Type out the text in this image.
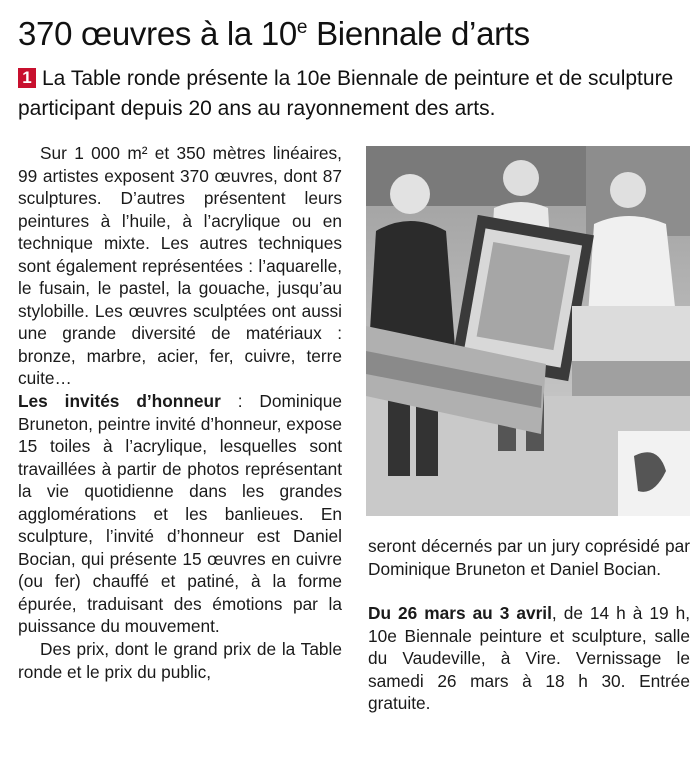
370 œuvres à la 10e Biennale d’arts
1 La Table ronde présente la 10e Biennale de peinture et de sculpture participant depuis 20 ans au rayonnement des arts.

Sur 1 000 m² et 350 mètres linéaires, 99 artistes exposent 370 œuvres, dont 87 sculptures. D’autres présentent leurs peintures à l’huile, à l’acrylique ou en technique mixte. Les autres techniques sont également représentées : l’aquarelle, le fusain, le pastel, la gouache, jusqu’au stylobille. Les œuvres sculptées ont aussi une grande diversité de matériaux : bronze, marbre, acier, fer, cuivre, terre cuite…

Les invités d’honneur : Dominique Bruneton, peintre invité d’honneur, expose 15 toiles à l’acrylique, lesquelles sont travaillées à partir de photos représentant la vie quotidienne dans les grandes agglomérations et les banlieues. En sculpture, l’invité d’honneur est Daniel Bocian, qui présente 15 œuvres en cuivre (ou fer) chauffé et patiné, à la forme épurée, traduisant des émotions par la puissance du mouvement.

Des prix, dont le grand prix de la Table ronde et le prix du public,

seront décernés par un jury coprésidé par Dominique Bruneton et Daniel Bocian.

Du 26 mars au 3 avril, de 14 h à 19 h, 10e Biennale peinture et sculpture, salle du Vaudeville, à Vire. Vernissage le samedi 26 mars à 18 h 30. Entrée gratuite.
